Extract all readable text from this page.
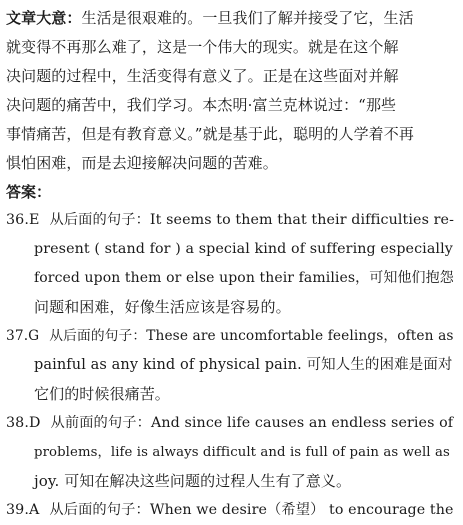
文章大意：生活是很艰难的。一旦我们了解并接受了它，生活
就变得不再那么难了，这是一个伟大的现实。就是在这个解
决问题的过程中，生活变得有意义了。正是在这些面对并解
决问题的痛苦中，我们学习。本杰明·富兰克林说过：“那些
事情痛苦，但是有教育意义。”就是基于此，聪明的人学着不再
惧怕困难，而是去迎接解决问题的苦难。
答案：
36.E 从后面的句子：It seems to them that their difficulties re-
present ( stand for ) a special kind of suffering especially
forced upon them or else upon their families，可知他们抱怨
问题和困难，好像生活应该是容易的。
37.G 从后面的句子：These are uncomfortable feelings，often as
painful as any kind of physical pain. 可知人生的困难是面对
它们的时候很痛苦。
38.D 从前面的句子：And since life causes an endless series of
problems，life is always difficult and is full of pain as well as
joy. 可知在解决这些问题的过程人生有了意义。
39.A 从后面的句子：When we desire（希望） to encourage the
